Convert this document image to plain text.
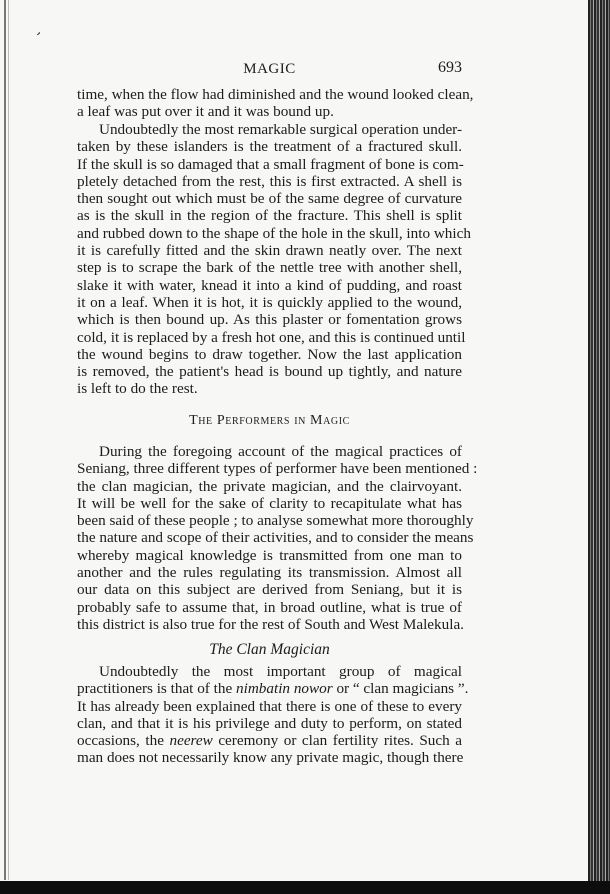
,
MAGIC	693
time, when the flow had diminished and the wound looked clean,
a leaf was put over it and it was bound up.
Undoubtedly the most remarkable surgical operation under-
taken by these islanders is the treatment of a fractured skull.
If the skull is so damaged that a small fragment of bone is com-
pletely detached from the rest, this is first extracted. A shell is
then sought out which must be of the same degree of curvature
as is the skull in the region of the fracture. This shell is split
and rubbed down to the shape of the hole in the skull, into which
it is carefully fitted and the skin drawn neatly over. The next
step is to scrape the bark of the nettle tree with another shell,
slake it with water, knead it into a kind of pudding, and roast
it on a leaf. When it is hot, it is quickly applied to the wound,
which is then bound up. As this plaster or fomentation grows
cold, it is replaced by a fresh hot one, and this is continued until
the wound begins to draw together. Now the last application
is removed, the patient's head is bound up tightly, and nature
is left to do the rest.
The Performers in Magic
During the foregoing account of the magical practices of
Seniang, three different types of performer have been mentioned :
the clan magician, the private magician, and the clairvoyant.
It will be well for the sake of clarity to recapitulate what has
been said of these people ; to analyse somewhat more thoroughly
the nature and scope of their activities, and to consider the means
whereby magical knowledge is transmitted from one man to
another and the rules regulating its transmission. Almost all
our data on this subject are derived from Seniang, but it is
probably safe to assume that, in broad outline, what is true of
this district is also true for the rest of South and West Malekula.
The Clan Magician
Undoubtedly the most important group of magical
practitioners is that of the nimbatin nowor or “ clan magicians ”.
It has already been explained that there is one of these to every
clan, and that it is his privilege and duty to perform, on stated
occasions, the neerew ceremony or clan fertility rites. Such a
man does not necessarily know any private magic, though there
